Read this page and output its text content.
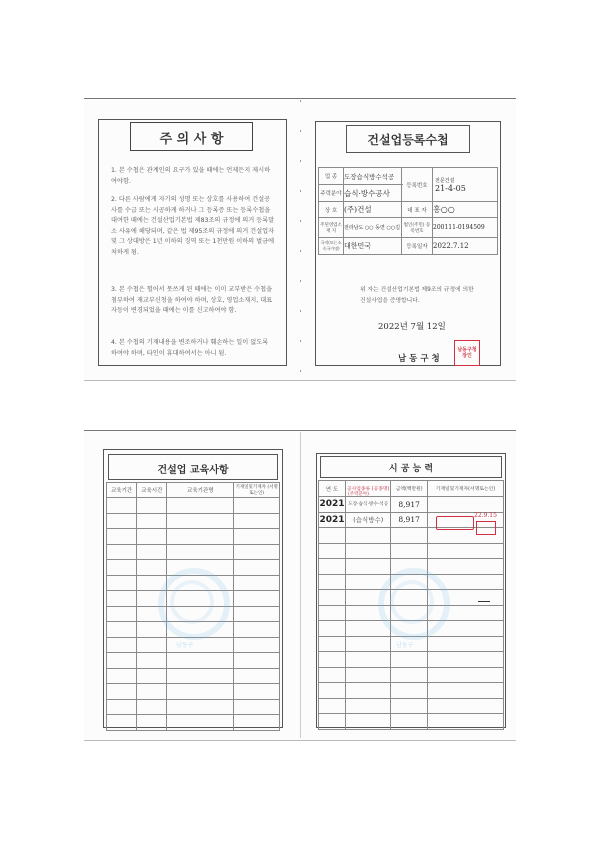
주 의 사 항
1. 본 수첩은 관계인의 요구가 있을 때에는 언제든지 제시하여야함.
2. 다른 사람에게 자기의 성명 또는 상호를 사용하여 건설공사를 수급 또는 시공하게 하거나 그 등록증 또는 등록수첩을 대여한 때에는 건설산업기본법 제83조의 규정에 의거 등록말소 사유에 해당되며, 같은 법 제95조의 규정에 의거 건설업자 및 그 상대방은 1년 이하의 징역 또는 1천만원 이하의 벌금에 처하게 됨.
3. 본 수첩은 헐어서 못쓰게 된 때에는 이미 교부받은 수첩을 첨부하여 재교부신청을 하여야 하며, 상호, 영업소재지, 대표자등이 변경되었을 때에는 이를 신고하여야 함.
4. 본 수첩의 기재내용을 변조하거나 훼손하는 일이 없도록 하여야 하며, 타인이 휴대하여서는 아니 됨.
건설업등록수첩
업 종	도장습식방수석공	등록번호	전문건설
21-4-05

주력분야	습식·방수공사		
상 호	(주)건설	대 표 자	홍○○
주된영업소 재 지	전라남도 ○○ 동면 ○○길	법인(주민) 등록번호	200111-0194509
국적(또는소속국가명)	대한민국	등록일자	2022.7.12
위 자는 건설산업기본법 제9조의 규정에 의한 건설사업을 증명합니다.
2022년 7월 12일
남 동 구 청
남동구청장인
건설업 교육사항
교육기간	교육시간	교육기관명	기재일및기재자 (서명또는인)

남동구
시 공 능 력
연 도	공사업종류 (공종명)	금액(백만원)	기재일및기재자(서명또는인)
2021	도장·습식·방수·석공	8,917	
2021	(습식방수)	8,917	

(주력분야)
22.9.15
남동구
